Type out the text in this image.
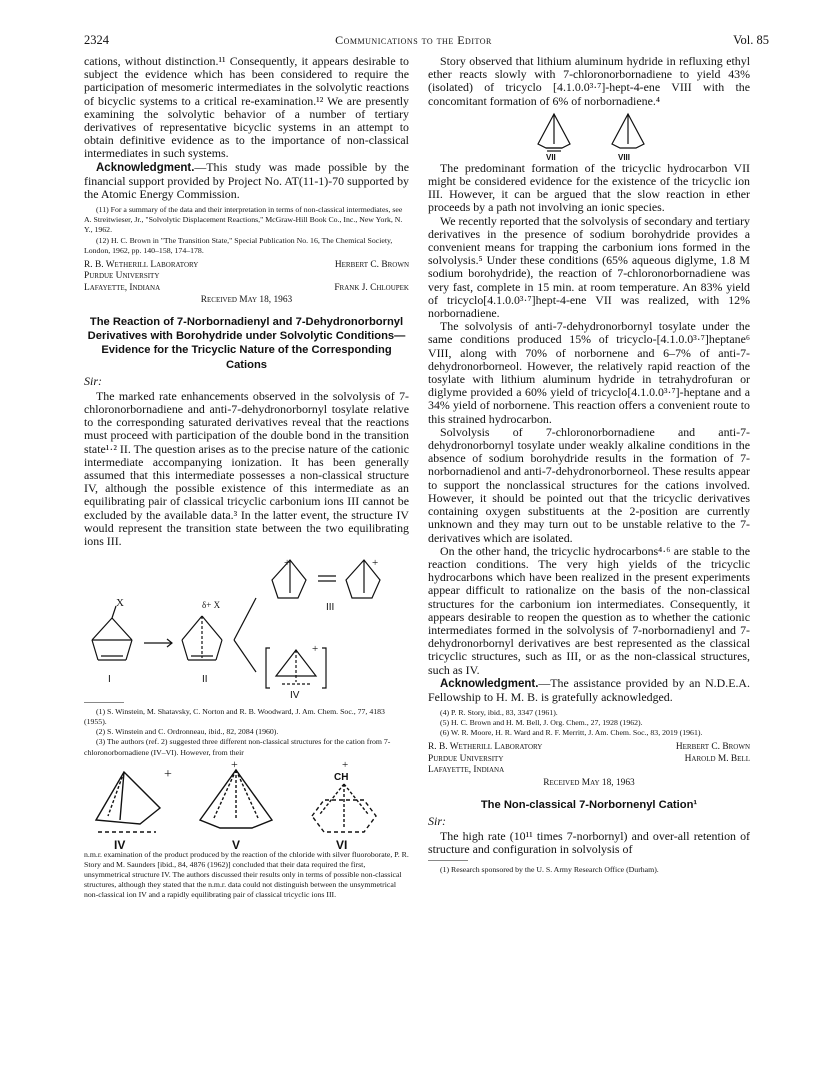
2324	Communications to the Editor	Vol. 85

cations, without distinction.¹¹ Consequently, it appears desirable to subject the evidence which has been considered to require the participation of mesomeric intermediates in the solvolytic reactions of bicyclic systems to a critical re-examination.¹² We are presently examining the solvolytic behavior of a number of tertiary derivatives of representative bicyclic systems in an attempt to obtain definitive evidence as to the importance of non-classical intermediates in such systems.

Acknowledgment.—This study was made possible by the financial support provided by Project No. AT(11-1)-70 supported by the Atomic Energy Commission.

(11) For a summary of the data and their interpretation in terms of non-classical intermediates, see A. Streitwieser, Jr., "Solvolytic Displacement Reactions," McGraw-Hill Book Co., Inc., New York, N. Y., 1962.

(12) H. C. Brown in "The Transition State," Special Publication No. 16, The Chemical Society, London, 1962, pp. 140–158, 174–178.

R. B. Wetherill Laboratory	Herbert C. Brown
Purdue University
Lafayette, Indiana	Frank J. Chloupek
Received May 18, 1963
The Reaction of 7-Norbornadienyl and 7-Dehydronorbornyl Derivatives with Borohydride under Solvolytic Conditions—Evidence for the Tricyclic Nature of the Corresponding Cations
Sir:

The marked rate enhancements observed in the solvolysis of 7-chloronorbornadiene and anti-7-dehydronorbornyl tosylate relative to the corresponding saturated derivatives reveal that the reactions must proceed with participation of the double bond in the transition state¹·² II. The question arises as to the precise nature of the cationic intermediate accompanying ionization. It has been generally assumed that this intermediate possesses a non-classical structure IV, although the possible existence of this intermediate as an equilibrating pair of classical tricyclic carbonium ions III cannot be excluded by the available data.³ In the latter event, the structure IV would represent the transition state between the two equilibrating ions III.

X
I
δ+ X
II
+	+
III
+
IV

(1) S. Winstein, M. Shatavsky, C. Norton and R. B. Woodward, J. Am. Chem. Soc., 77, 4183 (1955).

(2) S. Winstein and C. Ordronneau, ibid., 82, 2084 (1960).

(3) The authors (ref. 2) suggested three different non-classical structures for the cation from 7-chloronorbornadiene (IV–VI). However, from their

+
IV
+
V
+
CH
VI

n.m.r. examination of the product produced by the reaction of the chloride with silver fluoroborate, P. R. Story and M. Saunders [ibid., 84, 4876 (1962)] concluded that their data required the first, unsymmetrical structure IV. The authors discussed their results only in terms of possible non-classical structures, although they stated that the n.m.r. data could not distinguish between the unsymmetrical non-classical ion IV and a rapidly equilibrating pair of classical tricyclic ions III.

Story observed that lithium aluminum hydride in refluxing ethyl ether reacts slowly with 7-chloronorbornadiene to yield 43% (isolated) of tricyclo [4.1.0.0³·⁷]-hept-4-ene VIII with the concomitant formation of 6% of norbornadiene.⁴

VII	VIII

The predominant formation of the tricyclic hydrocarbon VII might be considered evidence for the existence of the tricyclic ion III. However, it can be argued that the slow reaction in ether proceeds by a path not involving an ionic species.

We recently reported that the solvolysis of secondary and tertiary derivatives in the presence of sodium borohydride provides a convenient means for trapping the carbonium ions formed in the solvolysis.⁵ Under these conditions (65% aqueous diglyme, 1.8 M sodium borohydride), the reaction of 7-chloronorbornadiene was very fast, complete in 15 min. at room temperature. An 83% yield of tricyclo[4.1.0.0³·⁷]hept-4-ene VII was realized, with 12% norbornadiene.

The solvolysis of anti-7-dehydronorbornyl tosylate under the same conditions produced 15% of tricyclo-[4.1.0.0³·⁷]heptane⁶ VIII, along with 70% of norbornene and 6–7% of anti-7-dehydronorborneol. However, the relatively rapid reaction of the tosylate with lithium aluminum hydride in tetrahydrofuran or diglyme provided a 60% yield of tricyclo[4.1.0.0³·⁷]-heptane and a 34% yield of norbornene. This reaction offers a convenient route to this strained hydrocarbon.

Solvolysis of 7-chloronorbornadiene and anti-7-dehydronorbornyl tosylate under weakly alkaline conditions in the absence of sodium borohydride results in the formation of 7-norbornadienol and anti-7-dehydronorborneol. These results appear to support the nonclassical structures for the cations involved. However, it should be pointed out that the tricyclic derivatives containing oxygen substituents at the 2-position are currently unknown and they may turn out to be unstable relative to the 7-derivatives which are isolated.

On the other hand, the tricyclic hydrocarbons⁴·⁶ are stable to the reaction conditions. The very high yields of the tricyclic hydrocarbons which have been realized in the present experiments appear difficult to rationalize on the basis of the non-classical structures for the carbonium ion intermediates. Consequently, it appears desirable to reopen the question as to whether the cationic intermediates formed in the solvolysis of 7-norbornadienyl and 7-dehydronorbornyl derivatives are best represented as the classical tricyclic structures, such as III, or as the non-classical structures, such as IV.

Acknowledgment.—The assistance provided by an N.D.E.A. Fellowship to H. M. B. is gratefully acknowledged.

(4) P. R. Story, ibid., 83, 3347 (1961).

(5) H. C. Brown and H. M. Bell, J. Org. Chem., 27, 1928 (1962).

(6) W. R. Moore, H. R. Ward and R. F. Merritt, J. Am. Chem. Soc., 83, 2019 (1961).

R. B. Wetherill Laboratory	Herbert C. Brown
Purdue University	Harold M. Bell
Lafayette, Indiana
Received May 18, 1963
The Non-classical 7-Norbornenyl Cation¹
Sir:

The high rate (10¹¹ times 7-norbornyl) and over-all retention of structure and configuration in solvolysis of

(1) Research sponsored by the U. S. Army Research Office (Durham).
